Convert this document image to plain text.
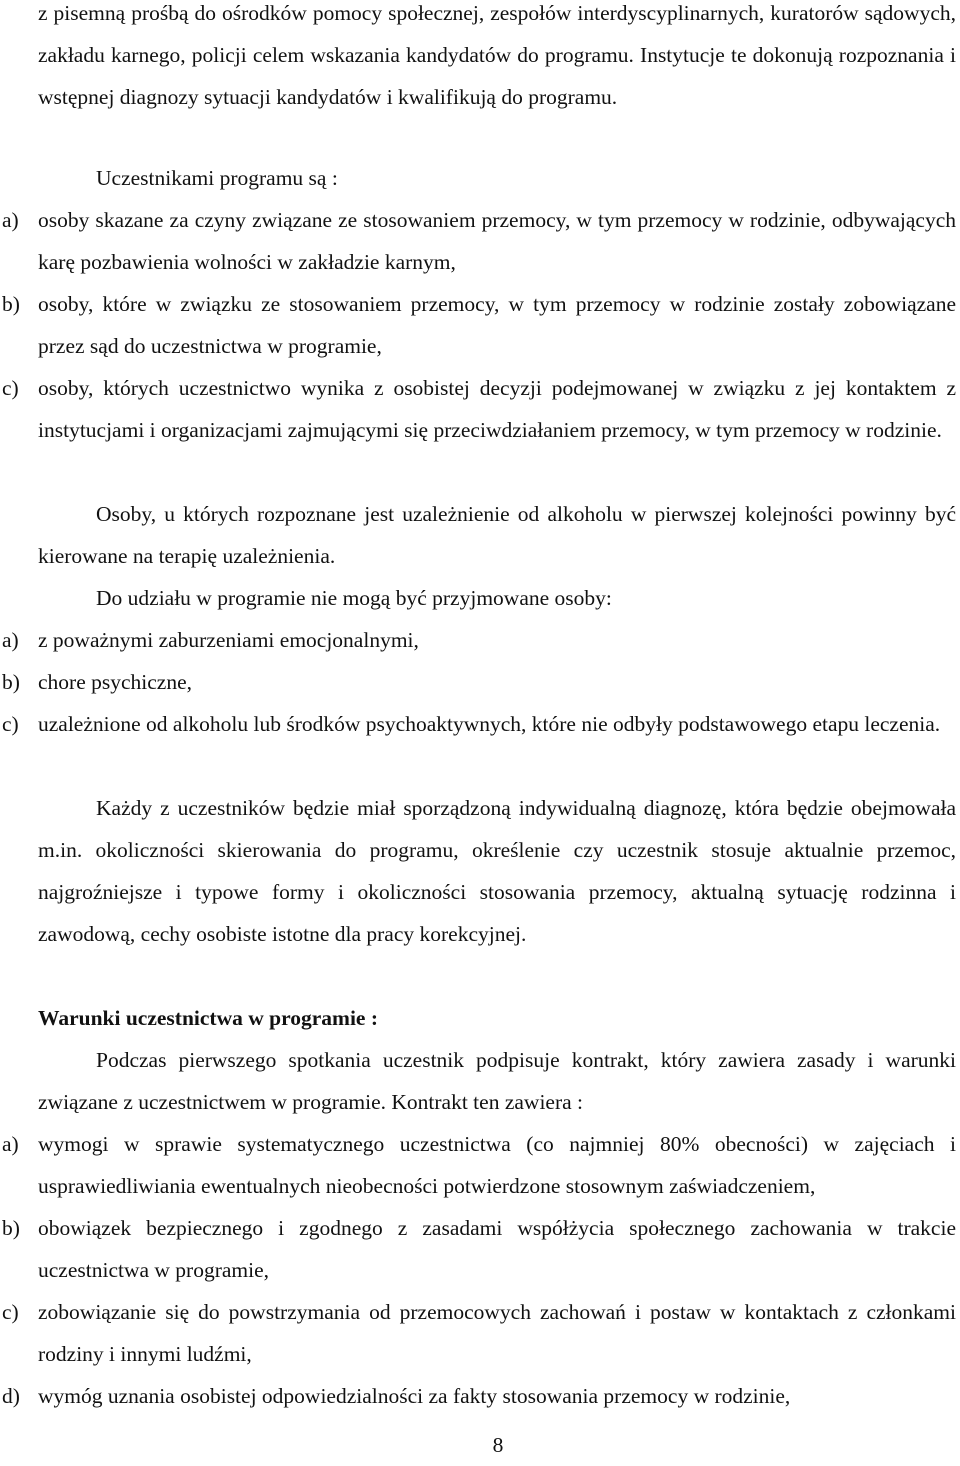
z pisemną prośbą do ośrodków pomocy społecznej, zespołów interdyscyplinarnych, kuratorów sądowych, zakładu karnego, policji celem wskazania kandydatów do programu. Instytucje te dokonują rozpoznania i wstępnej diagnozy sytuacji kandydatów i kwalifikują do programu.
Uczestnikami programu są :
a) osoby skazane za czyny związane ze stosowaniem przemocy, w tym przemocy w rodzinie, odbywających karę pozbawienia wolności w zakładzie karnym,
b) osoby, które w związku ze stosowaniem przemocy, w tym przemocy w rodzinie zostały zobowiązane przez sąd do uczestnictwa w programie,
c) osoby, których uczestnictwo wynika z osobistej decyzji podejmowanej w związku z jej kontaktem z instytucjami i organizacjami zajmującymi się przeciwdziałaniem przemocy, w tym przemocy w rodzinie.
Osoby, u których rozpoznane jest uzależnienie od alkoholu w pierwszej kolejności powinny być kierowane na terapię uzależnienia.
Do udziału w programie nie mogą być przyjmowane osoby:
a) z poważnymi zaburzeniami emocjonalnymi,
b) chore psychiczne,
c) uzależnione od alkoholu lub środków psychoaktywnych, które nie odbyły podstawowego etapu leczenia.
Każdy z uczestników będzie miał sporządzoną indywidualną diagnozę, która będzie obejmowała m.in. okoliczności skierowania do programu, określenie czy uczestnik stosuje aktualnie przemoc, najgroźniejsze i typowe formy i okoliczności stosowania przemocy, aktualną sytuację rodzinna i zawodową, cechy osobiste istotne dla pracy korekcyjnej.
Warunki uczestnictwa w programie :
Podczas pierwszego spotkania uczestnik podpisuje kontrakt, który zawiera zasady i warunki związane z uczestnictwem w programie. Kontrakt ten zawiera :
a) wymogi w sprawie systematycznego uczestnictwa (co najmniej 80% obecności) w zajęciach i usprawiedliwiania ewentualnych nieobecności potwierdzone stosownym zaświadczeniem,
b) obowiązek bezpiecznego i zgodnego z zasadami współżycia społecznego zachowania w trakcie uczestnictwa w programie,
c) zobowiązanie się do powstrzymania od przemocowych zachowań i postaw w kontaktach z członkami rodziny i innymi ludźmi,
d) wymóg uznania osobistej odpowiedzialności za fakty stosowania przemocy w rodzinie,
8
